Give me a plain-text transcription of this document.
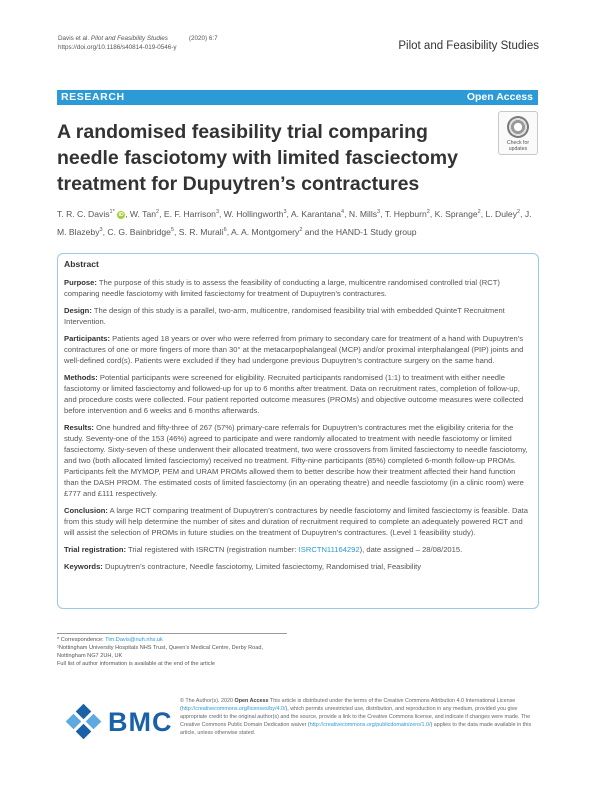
Davis et al. Pilot and Feasibility Studies	(2020) 6:7
https://doi.org/10.1186/s40814-019-0546-y	Pilot and Feasibility Studies
RESEARCH	Open Access
A randomised feasibility trial comparing needle fasciotomy with limited fasciectomy treatment for Dupuytren’s contractures
Check for
updates
T. R. C. Davis$^{1*}$ iD , W. Tan$^2$, E. F. Harrison$^3$, W. Hollingworth$^3$, A. Karantana$^4$, N. Mills$^3$, T. Hepburn$^2$, K. Sprange$^2$, L. Duley$^2$, J. M. Blazeby$^3$, C. G. Bainbridge$^5$, S. R. Murali$^6$, A. A. Montgomery$^2$ and the HAND-1 Study group
Abstract

Purpose: The purpose of this study is to assess the feasibility of conducting a large, multicentre randomised controlled trial (RCT) comparing needle fasciotomy with limited fasciectomy for treatment of Dupuytren’s contractures.

Design: The design of this study is a parallel, two-arm, multicentre, randomised feasibility trial with embedded QuinteT Recruitment Intervention.

Participants: Patients aged 18 years or over who were referred from primary to secondary care for treatment of a hand with Dupuytren’s contractures of one or more fingers of more than 30° at the metacarpophalangeal (MCP) and/or proximal interphalangeal (PIP) joints and well-defined cord(s). Patients were excluded if they had undergone previous Dupuytren’s contracture surgery on the same hand.

Methods: Potential participants were screened for eligibility. Recruited participants randomised (1:1) to treatment with either needle fasciotomy or limited fasciectomy and followed-up for up to 6 months after treatment. Data on recruitment rates, completion of follow-up, and procedure costs were collected. Four patient reported outcome measures (PROMs) and objective outcome measures were collected before intervention and 6 weeks and 6 months afterwards.

Results: One hundred and fifty-three of 267 (57%) primary-care referrals for Dupuytren’s contractures met the eligibility criteria for the study. Seventy-one of the 153 (46%) agreed to participate and were randomly allocated to treatment with needle fasciotomy or limited fasciectomy. Sixty-seven of these underwent their allocated treatment, two were crossovers from limited fasciectomy to needle fasciotomy, and two (both allocated limited fasciectomy) received no treatment. Fifty-nine participants (85%) completed 6-month follow-up PROMs. Participants felt the MYMOP, PEM and URAM PROMs allowed them to better describe how their treatment affected their hand function than the DASH PROM. The estimated costs of limited fasciectomy (in an operating theatre) and needle fasciotomy (in a clinic room) were £777 and £111 respectively.

Conclusion: A large RCT comparing treatment of Dupuytren’s contractures by needle fasciotomy and limited fasciectomy is feasible. Data from this study will help determine the number of sites and duration of recruitment required to complete an adequately powered RCT and will assist the selection of PROMs in future studies on the treatment of Dupuytren’s contractures. (Level 1 feasibility study).

Trial registration: Trial registered with ISRCTN (registration number: ISRCTN11164292), date assigned – 28/08/2015.

Keywords: Dupuytren’s contracture, Needle fasciotomy, Limited fasciectomy, Randomised trial, Feasibility

* Correspondence: Tim.Davis@nuh.nhs.uk
¹Nottingham University Hospitals NHS Trust, Queen’s Medical Centre, Derby Road, Nottingham NG7 2UH, UK
Full list of author information is available at the end of the article
BMC
© The Author(s). 2020 Open Access This article is distributed under the terms of the Creative Commons Attribution 4.0 International License (http://creativecommons.org/licenses/by/4.0/), which permits unrestricted use, distribution, and reproduction in any medium, provided you give appropriate credit to the original author(s) and the source, provide a link to the Creative Commons license, and indicate if changes were made. The Creative Commons Public Domain Dedication waiver (http://creativecommons.org/publicdomain/zero/1.0/) applies to the data made available in this article, unless otherwise stated.
